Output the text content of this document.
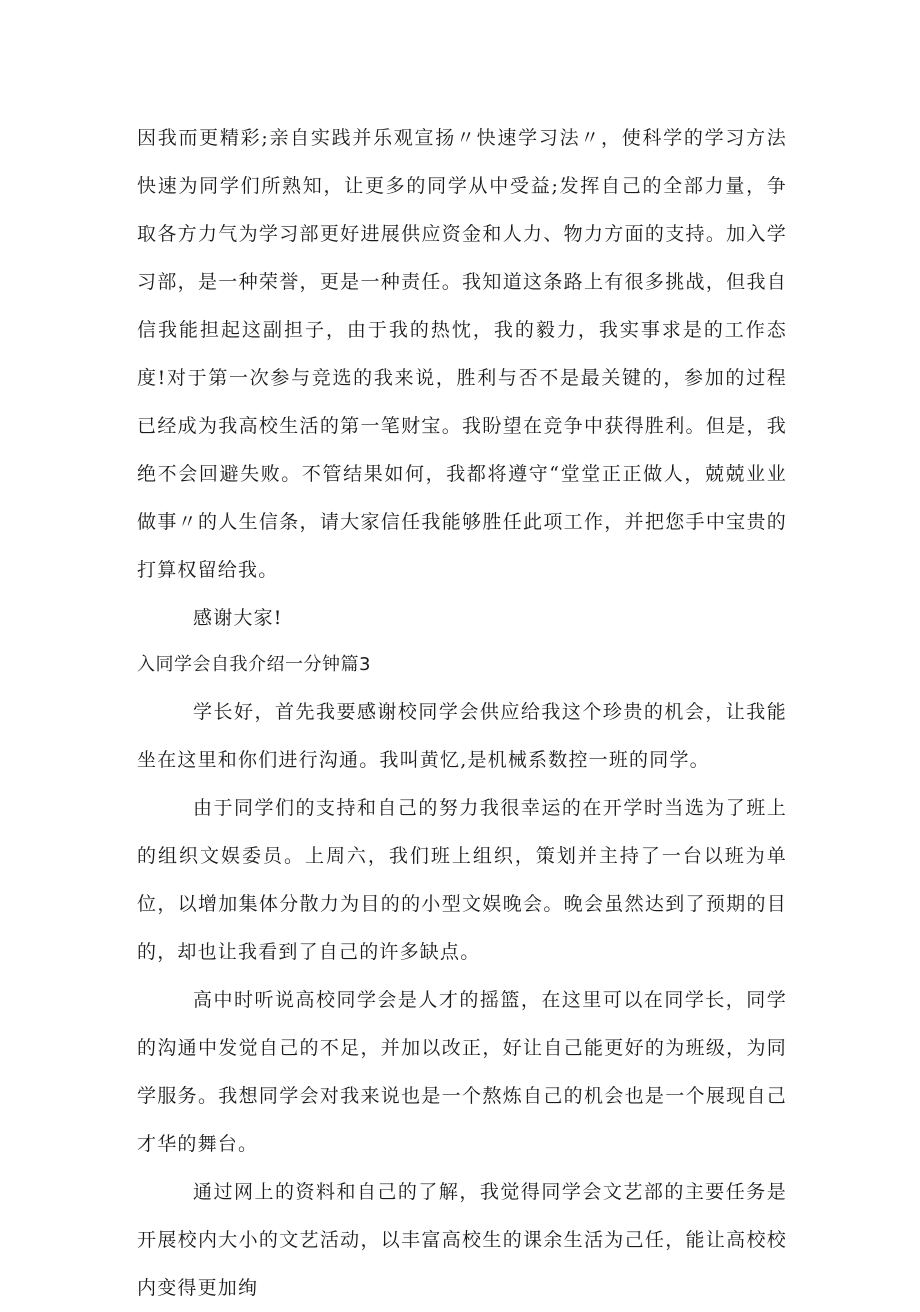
因我而更精彩;亲自实践并乐观宣扬〃快速学习法〃，使科学的学习方法快速为同学们所熟知，让更多的同学从中受益;发挥自己的全部力量，争取各方力气为学习部更好进展供应资金和人力、物力方面的支持。加入学习部，是一种荣誉，更是一种责任。我知道这条路上有很多挑战，但我自信我能担起这副担子，由于我的热忱，我的毅力，我实事求是的工作态度!对于第一次参与竞选的我来说，胜利与否不是最关键的，参加的过程已经成为我高校生活的第一笔财宝。我盼望在竞争中获得胜利。但是，我绝不会回避失败。不管结果如何，我都将遵守“堂堂正正做人，兢兢业业做事〃的人生信条，请大家信任我能够胜任此项工作，并把您手中宝贵的打算权留给我。

感谢大家!

入同学会自我介绍一分钟篇3

学长好，首先我要感谢校同学会供应给我这个珍贵的机会，让我能坐在这里和你们进行沟通。我叫黄忆,是机械系数控一班的同学。

由于同学们的支持和自己的努力我很幸运的在开学时当选为了班上的组织文娱委员。上周六，我们班上组织，策划并主持了一台以班为单位，以增加集体分散力为目的的小型文娱晚会。晚会虽然达到了预期的目的，却也让我看到了自己的许多缺点。

高中时听说高校同学会是人才的摇篮，在这里可以在同学长，同学的沟通中发觉自己的不足，并加以改正，好让自己能更好的为班级，为同学服务。我想同学会对我来说也是一个熬炼自己的机会也是一个展现自己才华的舞台。

通过网上的资料和自己的了解，我觉得同学会文艺部的主要任务是开展校内大小的文艺活动，以丰富高校生的课余生活为己任，能让高校校内变得更加绚
